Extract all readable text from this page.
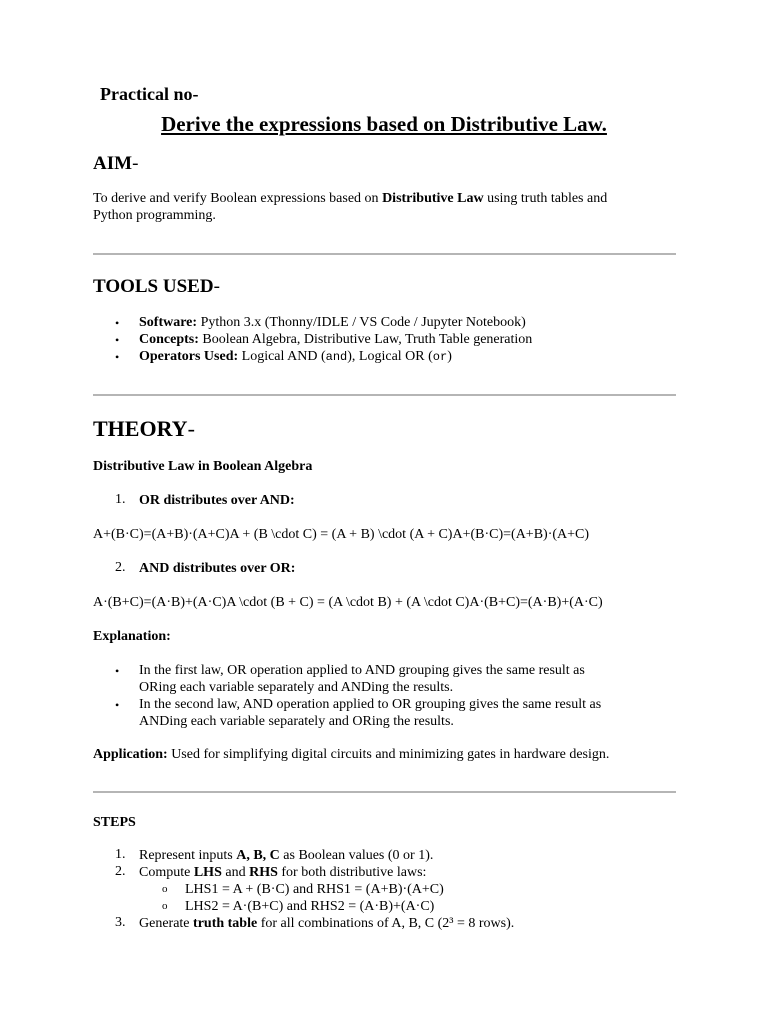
Practical no-
Derive the expressions based on Distributive Law.
AIM-
To derive and verify Boolean expressions based on Distributive Law using truth tables and
Python programming.
TOOLS USED-
• Software: Python 3.x (Thonny/IDLE / VS Code / Jupyter Notebook)
• Concepts: Boolean Algebra, Distributive Law, Truth Table generation
• Operators Used: Logical AND (and), Logical OR (or)
THEORY-
Distributive Law in Boolean Algebra
1. OR distributes over AND:
A+(B·C)=(A+B)·(A+C)A + (B \cdot C) = (A + B) \cdot (A + C)A+(B·C)=(A+B)·(A+C)
2. AND distributes over OR:
A·(B+C)=(A·B)+(A·C)A \cdot (B + C) = (A \cdot B) + (A \cdot C)A·(B+C)=(A·B)+(A·C)
Explanation:
• In the first law, OR operation applied to AND grouping gives the same result as
ORing each variable separately and ANDing the results.
• In the second law, AND operation applied to OR grouping gives the same result as
ANDing each variable separately and ORing the results.
Application: Used for simplifying digital circuits and minimizing gates in hardware design.
STEPS
1. Represent inputs A, B, C as Boolean values (0 or 1).
2. Compute LHS and RHS for both distributive laws:
o LHS1 = A + (B·C) and RHS1 = (A+B)·(A+C)
o LHS2 = A·(B+C) and RHS2 = (A·B)+(A·C)
3. Generate truth table for all combinations of A, B, C (2³ = 8 rows).
